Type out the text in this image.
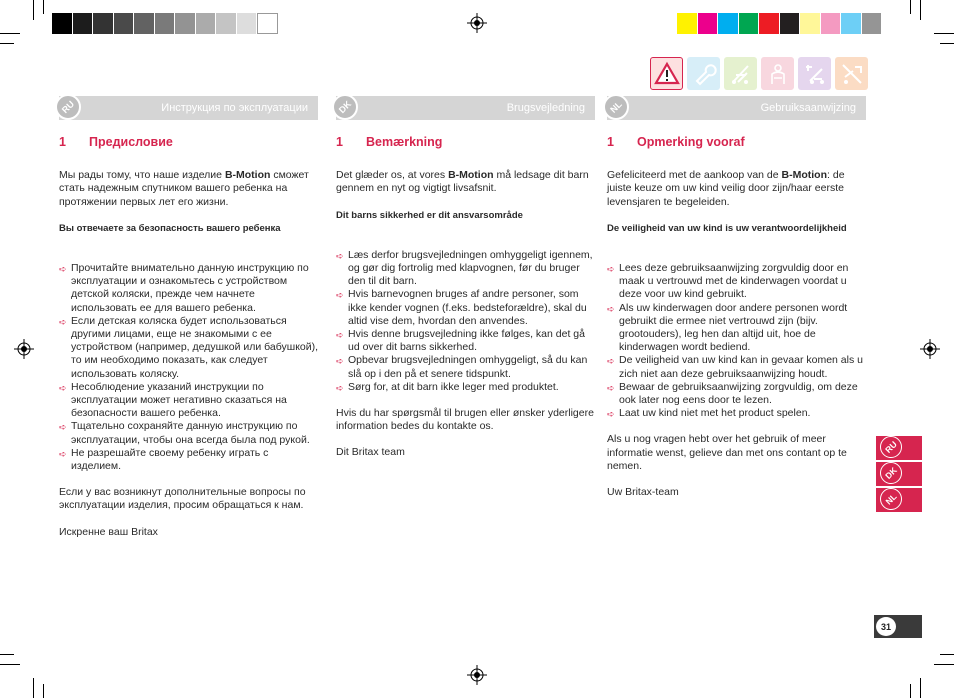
RU	Инструкция по эксплуатации	DK	Brugsvejledning	NL	Gebruiksaanwijzing
1	Предисловие

Мы рады тому, что наше изделие B-Motion сможет стать надежным спутником вашего ребенка на протяжении первых лет его жизни.

Вы отвечаете за безопасность вашего ребенка

➪ Прочитайте внимательно данную инструкцию по эксплуатации и ознакомьтесь с устройством детской коляски, прежде чем начнете использовать ее для вашего ребенка.
➪ Если детская коляска будет использоваться другими лицами, еще не знакомыми с ее устройством (например, дедушкой или бабушкой), то им необходимо показать, как следует использовать коляску.
➪ Несоблюдение указаний инструкции по эксплуатации может негативно сказаться на безопасности вашего ребенка.
➪ Тщательно сохраняйте данную инструкцию по эксплуатации, чтобы она всегда была под рукой.
➪ Не разрешайте своему ребенку играть с изделием.

Если у вас возникнут дополнительные вопросы по эксплуатации изделия, просим обращаться к нам.

Искренне ваш Britax

1	Bemærkning

Det glæder os, at vores B-Motion må ledsage dit barn gennem en nyt og vigtigt livsafsnit.

Dit barns sikkerhed er dit ansvarsområde

➪ Læs derfor brugsvejledningen omhyggeligt igennem, og gør dig fortrolig med klapvognen, før du bruger den til dit barn.
➪ Hvis barnevognen bruges af andre personer, som ikke kender vognen (f.eks. bedsteforældre), skal du altid vise dem, hvordan den anvendes.
➪ Hvis denne brugsvejledning ikke følges, kan det gå ud over dit barns sikkerhed.
➪ Opbevar brugsvejledningen omhyggeligt, så du kan slå op i den på et senere tidspunkt.
➪ Sørg for, at dit barn ikke leger med produktet.

Hvis du har spørgsmål til brugen eller ønsker yderligere information bedes du kontakte os.

Dit Britax team

1	Opmerking vooraf

Gefeliciteerd met de aankoop van de B-Motion: de juiste keuze om uw kind veilig door zijn/haar eerste levensjaren te begeleiden.

De veiligheid van uw kind is uw verantwoordelijkheid

➪ Lees deze gebruiksaanwijzing zorgvuldig door en maak u vertrouwd met de kinderwagen voordat u deze voor uw kind gebruikt.
➪ Als uw kinderwagen door andere personen wordt gebruikt die ermee niet vertrouwd zijn (bijv. grootouders), leg hen dan altijd uit, hoe de kinderwagen wordt bediend.
➪ De veiligheid van uw kind kan in gevaar komen als u zich niet aan deze gebruiksaanwijzing houdt.
➪ Bewaar de gebruiksaanwijzing zorgvuldig, om deze ook later nog eens door te lezen.
➪ Laat uw kind niet met het product spelen.

Als u nog vragen hebt over het gebruik of meer informatie wenst, gelieve dan met ons contant op te nemen.

Uw Britax-team

RU
DK
NL
31
